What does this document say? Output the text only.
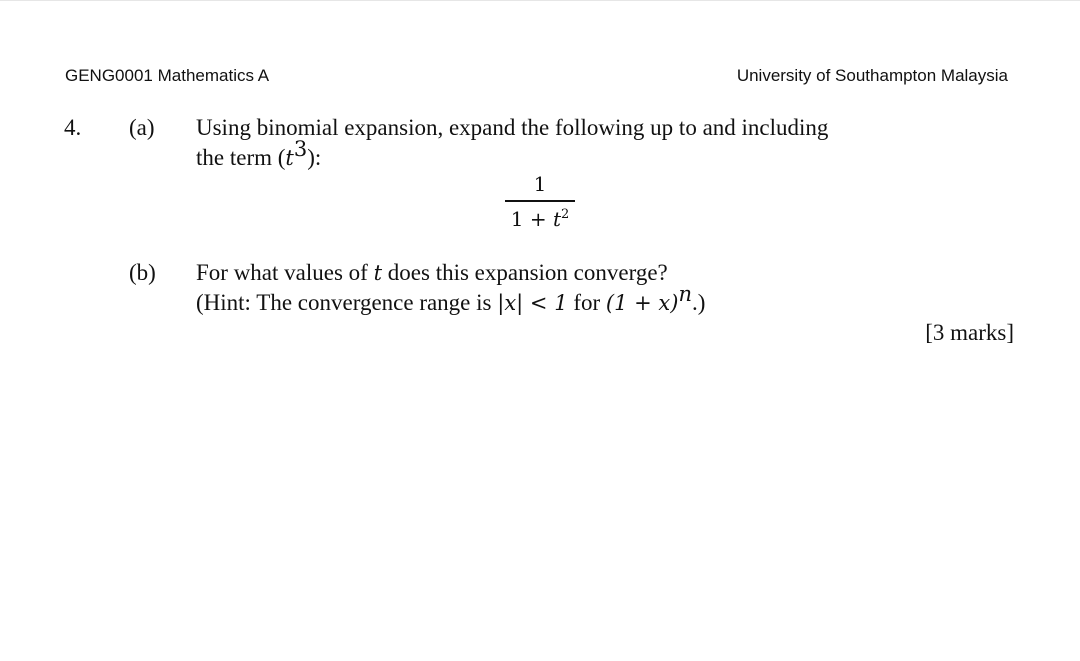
GENG0001 Mathematics A	University of Southampton Malaysia
4. (a) Using binomial expansion, expand the following up to and including
the term $(t^3)$:
1
$1 + t^2$
(b) For what values of t does this expansion converge?
(Hint: The convergence range is |x| < 1 for $(1 + x)^n$.)
[3 marks]
